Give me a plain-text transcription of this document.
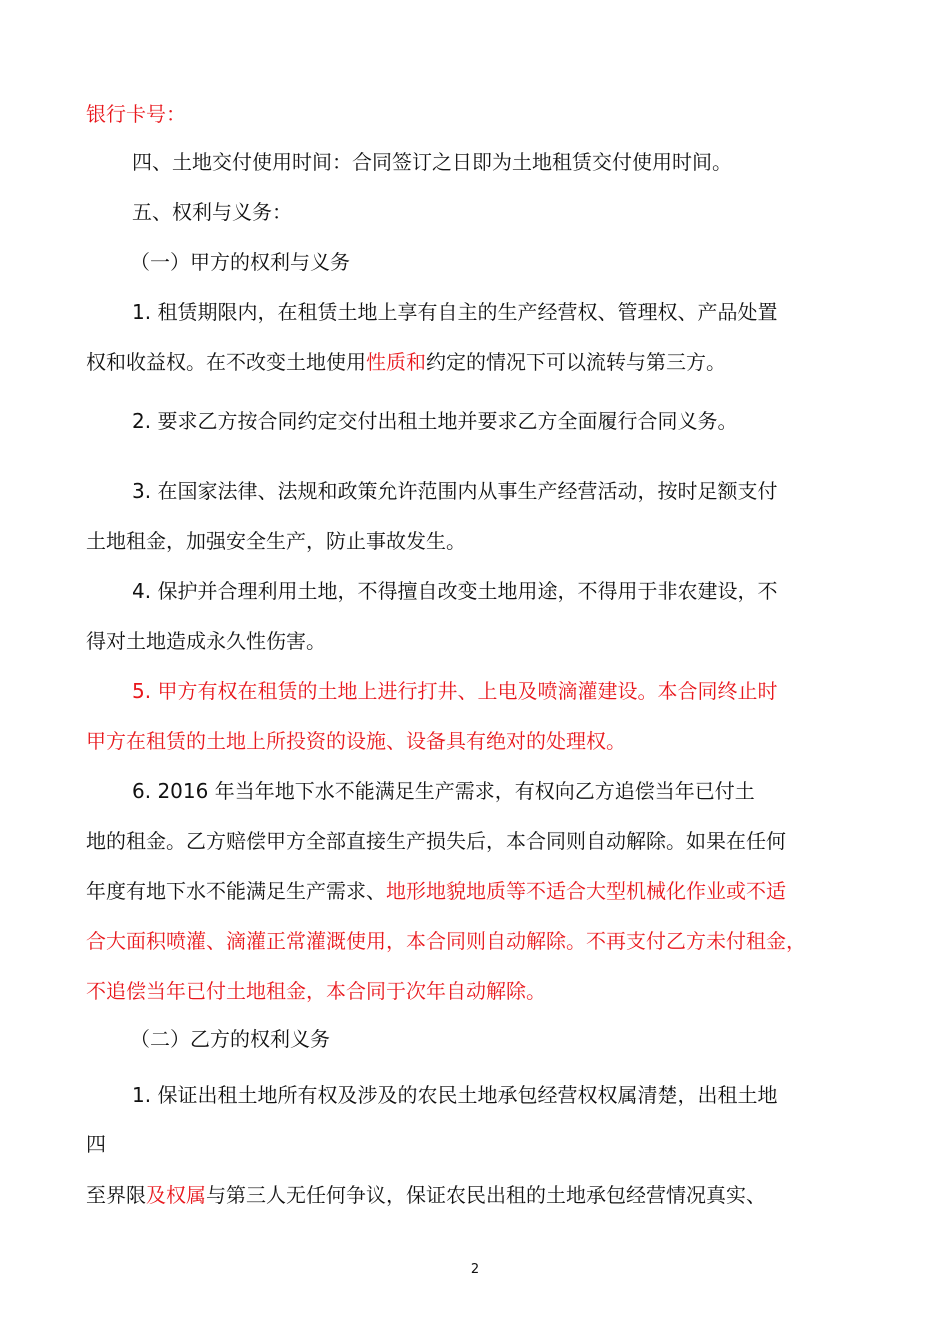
银行卡号：
四、土地交付使用时间：合同签订之日即为土地租赁交付使用时间。
五、权利与义务：
（一）甲方的权利与义务
1. 租赁期限内，在租赁土地上享有自主的生产经营权、管理权、产品处置
权和收益权。在不改变土地使用性质和约定的情况下可以流转与第三方。
2. 要求乙方按合同约定交付出租土地并要求乙方全面履行合同义务。
3. 在国家法律、法规和政策允许范围内从事生产经营活动，按时足额支付
土地租金，加强安全生产，防止事故发生。
4. 保护并合理利用土地，不得擅自改变土地用途，不得用于非农建设，不
得对土地造成永久性伤害。
5. 甲方有权在租赁的土地上进行打井、上电及喷滴灌建设。本合同终止时
甲方在租赁的土地上所投资的设施、设备具有绝对的处理权。
6. 2016 年当年地下水不能满足生产需求，有权向乙方追偿当年已付土
地的租金。乙方赔偿甲方全部直接生产损失后，本合同则自动解除。如果在任何
年度有地下水不能满足生产需求、地形地貌地质等不适合大型机械化作业或不适
合大面积喷灌、滴灌正常灌溉使用，本合同则自动解除。不再支付乙方未付租金，
不追偿当年已付土地租金，本合同于次年自动解除。
（二）乙方的权利义务
1. 保证出租土地所有权及涉及的农民土地承包经营权权属清楚，出租土地
四
至界限及权属与第三人无任何争议，保证农民出租的土地承包经营情况真实、
2
